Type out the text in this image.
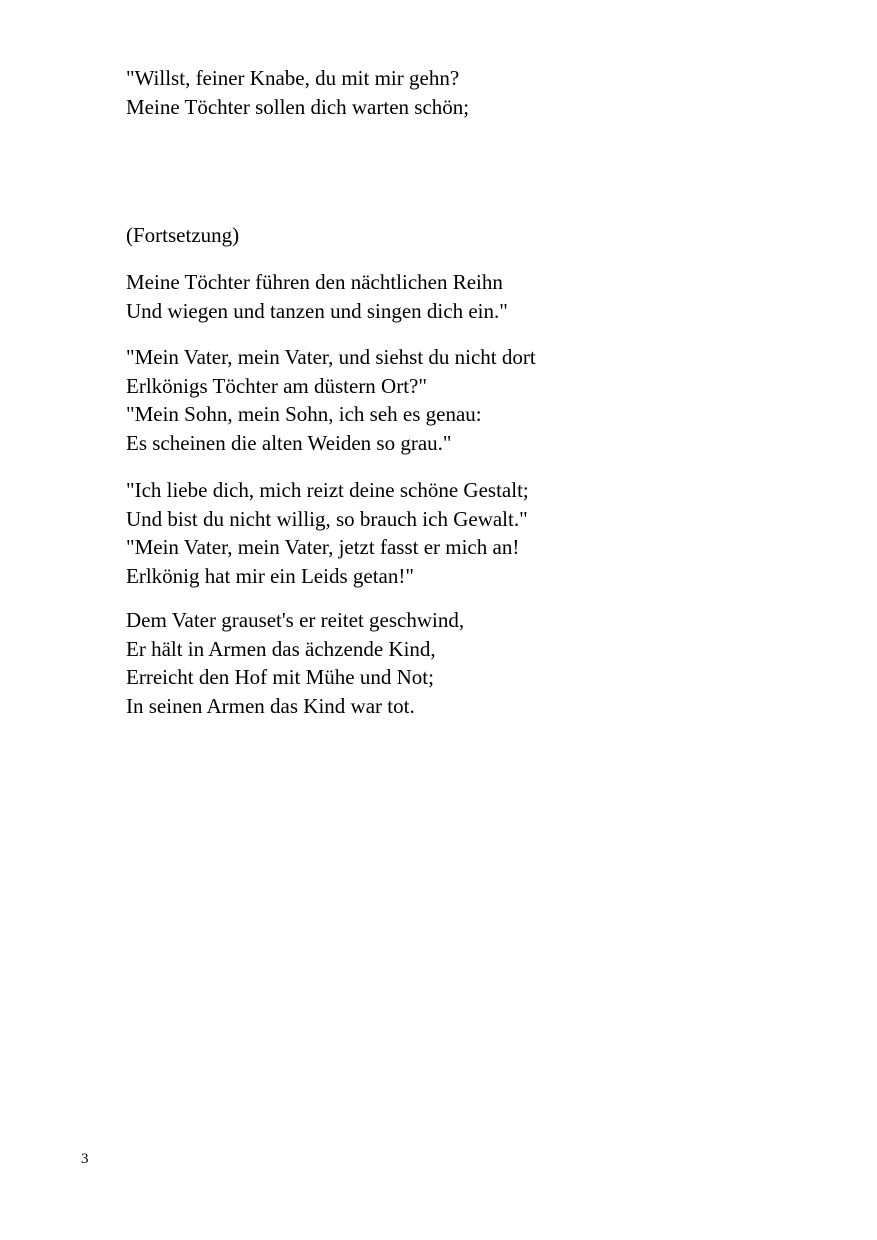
"Willst, feiner Knabe, du mit mir gehn?
Meine Töchter sollen dich warten schön;
(Fortsetzung)
Meine Töchter führen den nächtlichen Reihn
Und wiegen und tanzen und singen dich ein."
"Mein Vater, mein Vater, und siehst du nicht dort
Erlkönigs Töchter am düstern Ort?"
"Mein Sohn, mein Sohn, ich seh es genau:
Es scheinen die alten Weiden so grau."
"Ich liebe dich, mich reizt deine schöne Gestalt;
Und bist du nicht willig, so brauch ich Gewalt."
"Mein Vater, mein Vater, jetzt fasst er mich an!
Erlkönig hat mir ein Leids getan!"
Dem Vater grauset's er reitet geschwind,
Er hält in Armen das ächzende Kind,
Erreicht den Hof mit Mühe und Not;
In seinen Armen das Kind war tot.
3
